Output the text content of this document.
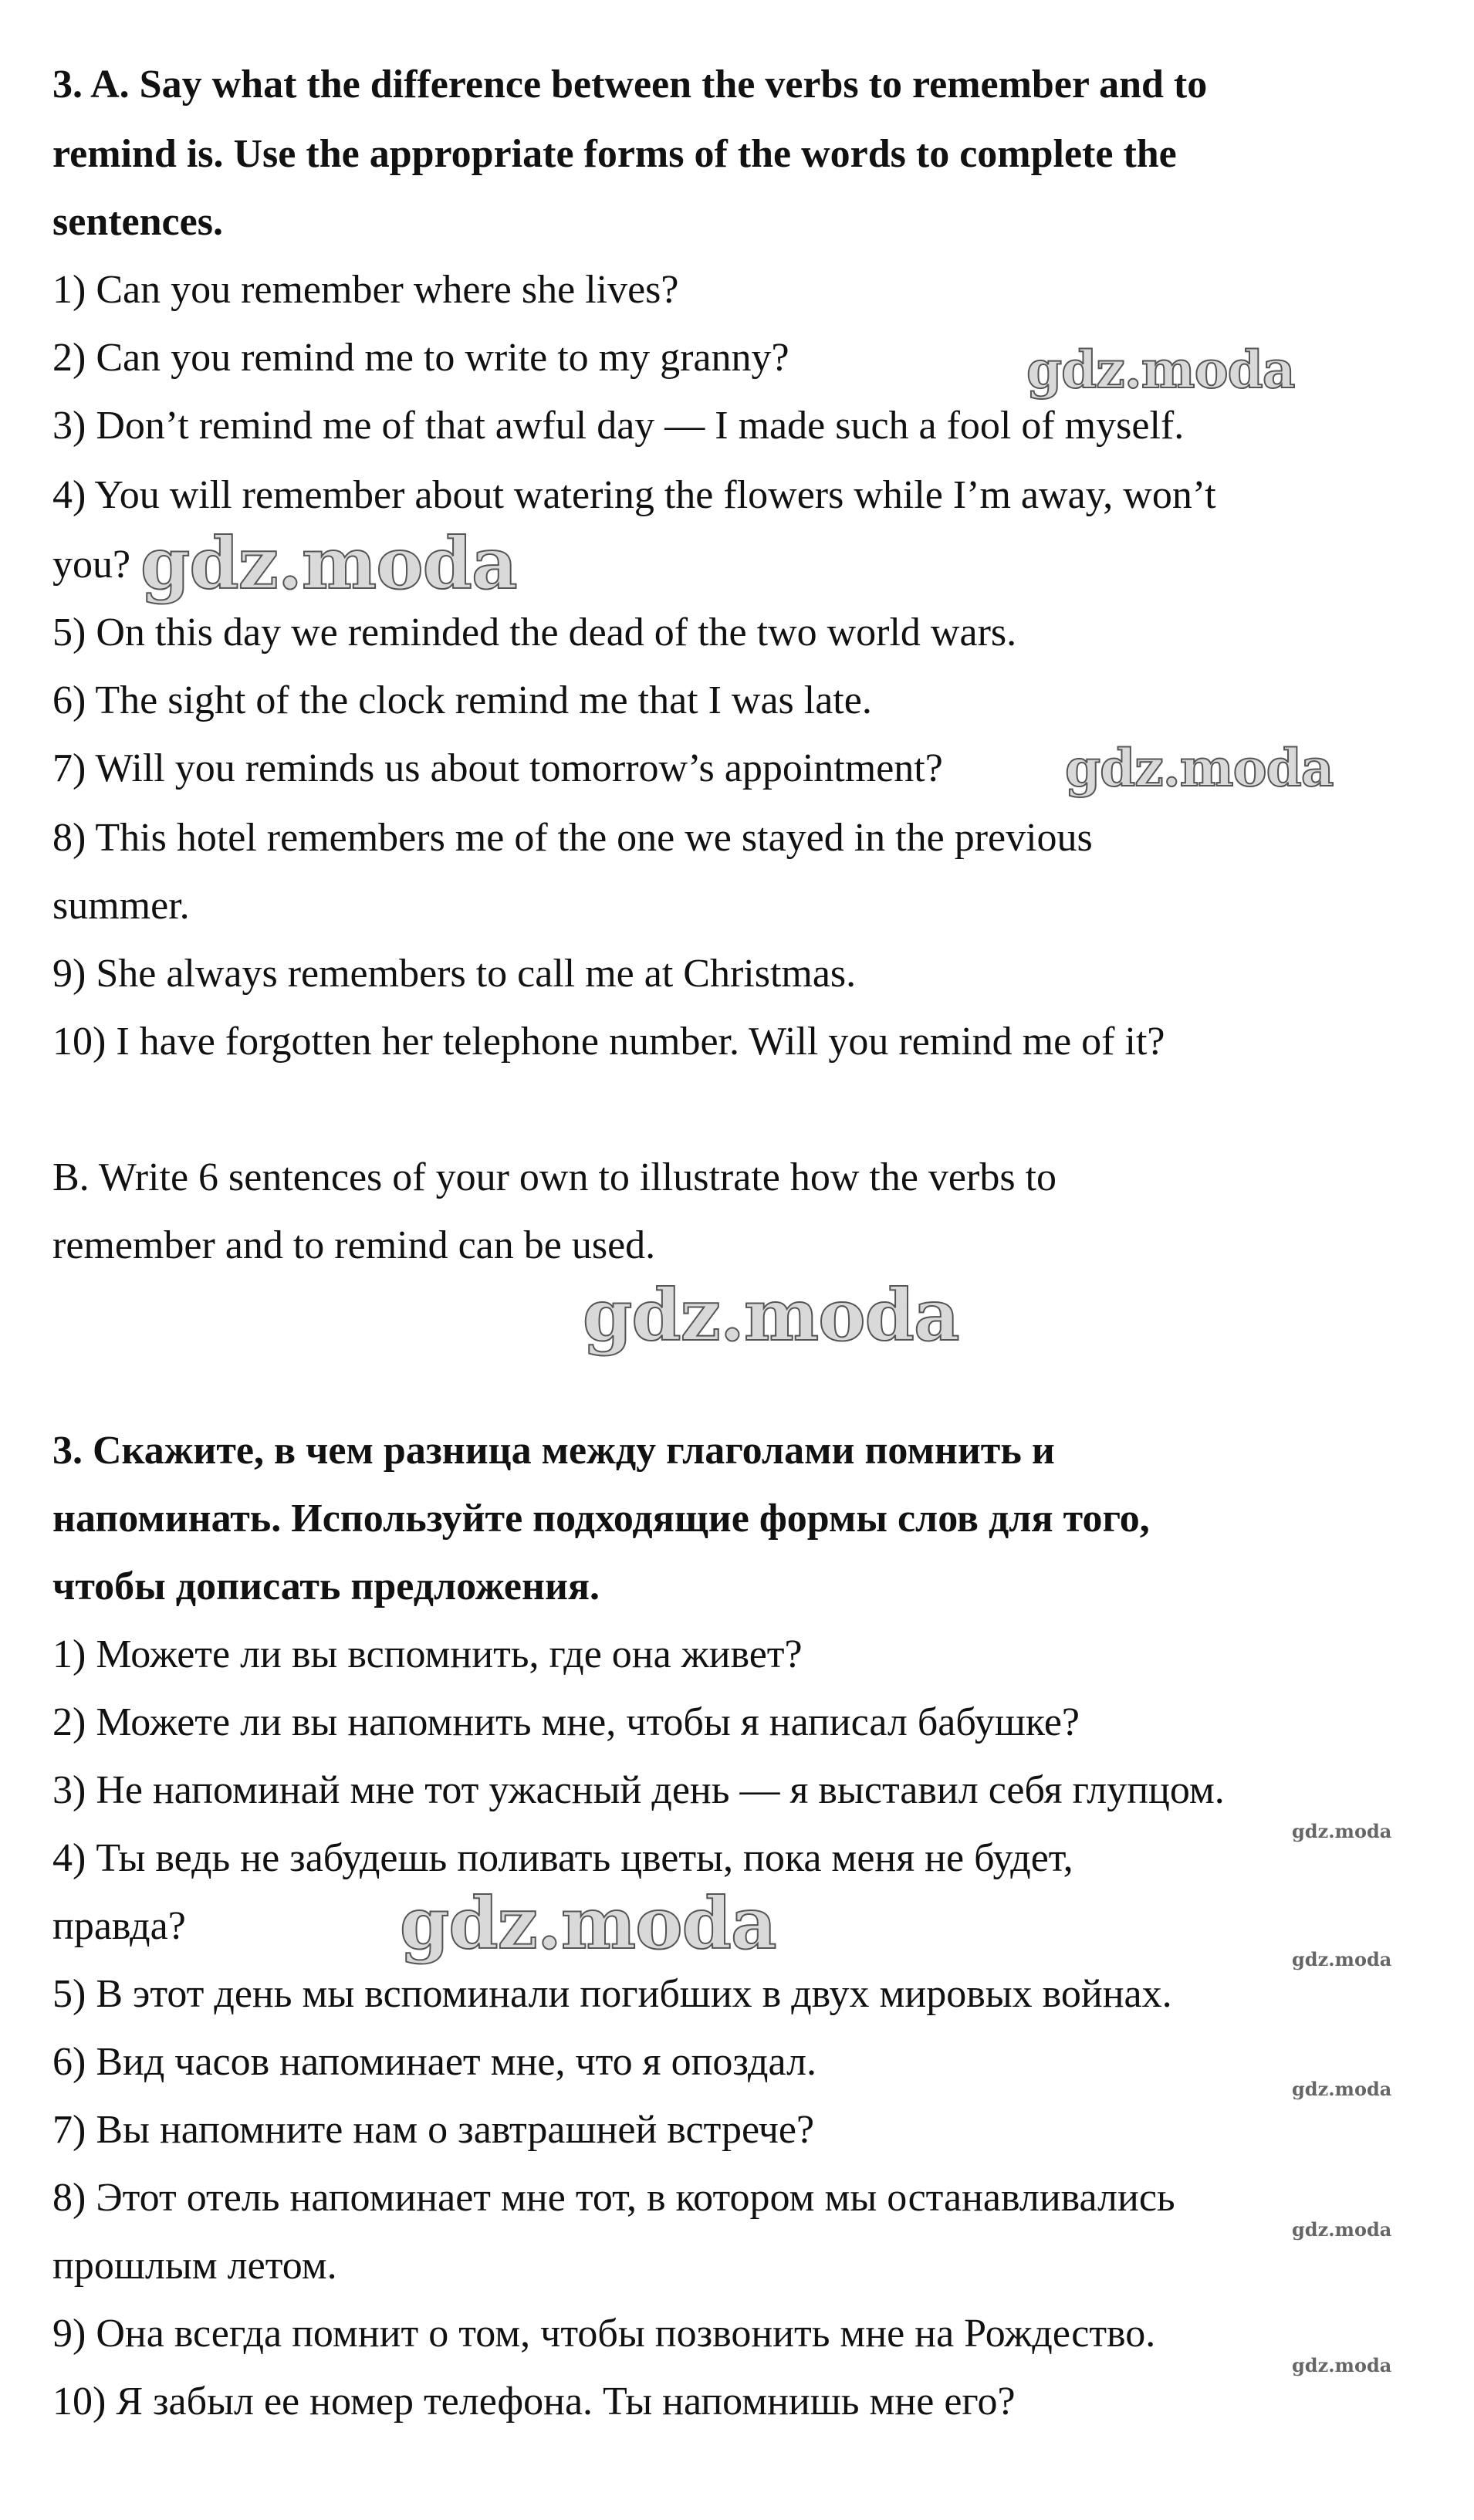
3. A. Say what the difference between the verbs to remember and to
remind is. Use the appropriate forms of the words to complete the
sentences.
1) Can you remember where she lives?
2) Can you remind me to write to my granny?
3) Don’t remind me of that awful day — I made such a fool of myself.
4) You will remember about watering the flowers while I’m away, won’t
you?
5) On this day we reminded the dead of the two world wars.
6) The sight of the clock remind me that I was late.
7) Will you reminds us about tomorrow’s appointment?
8) This hotel remembers me of the one we stayed in the previous
summer.
9) She always remembers to call me at Christmas.
10) I have forgotten her telephone number. Will you remind me of it?
B. Write 6 sentences of your own to illustrate how the verbs to
remember and to remind can be used.
3. Скажите, в чем разница между глаголами помнить и
напоминать. Используйте подходящие формы слов для того,
чтобы дописать предложения.
1) Можете ли вы вспомнить, где она живет?
2) Можете ли вы напомнить мне, чтобы я написал бабушке?
3) Не напоминай мне тот ужасный день — я выставил себя глупцом.
4) Ты ведь не забудешь поливать цветы, пока меня не будет,
правда?
5) В этот день мы вспоминали погибших в двух мировых войнах.
6) Вид часов напоминает мне, что я опоздал.
7) Вы напомните нам о завтрашней встрече?
8) Этот отель напоминает мне тот, в котором мы останавливались
прошлым летом.
9) Она всегда помнит о том, чтобы позвонить мне на Рождество.
10) Я забыл ее номер телефона. Ты напомнишь мне его?
gdz.moda
gdz.moda
gdz.moda
gdz.moda
gdz.moda
gdz.moda
gdz.moda
gdz.moda
gdz.moda
gdz.moda
